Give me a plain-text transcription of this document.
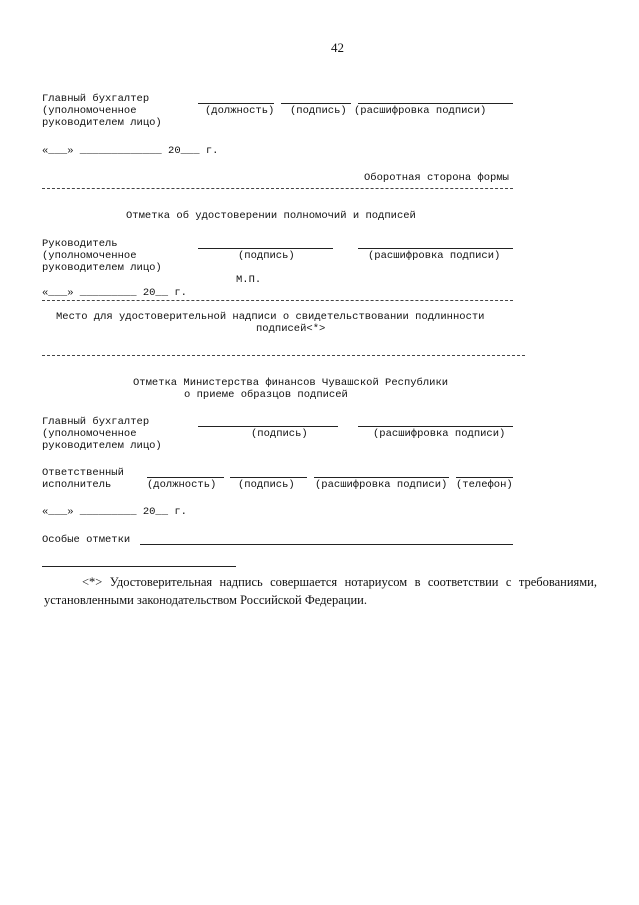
42
Главный бухгалтер
(уполномоченное
руководителем лицо)
(должность) (подпись) (расшифровка подписи)
«___» _____________ 20___ г.
Оборотная сторона формы
Отметка об удостоверении полномочий и подписей
Руководитель
(уполномоченное
руководителем лицо)
(подпись)	(расшифровка подписи)
М.П.
«___» _________ 20__ г.
Место для удостоверительной надписи о свидетельствовании подлинности
подписей<*>
Отметка Министерства финансов Чувашской Республики
о приеме образцов подписей
Главный бухгалтер
(уполномоченное
руководителем лицо)
(подпись)	(расшифровка подписи)
Ответственный
исполнитель	(должность) (подпись) (расшифровка подписи) (телефон)
«___» _________ 20__ г.
Особые отметки
<*> Удостоверительная надпись совершается нотариусом в соответствии с требованиями, установленными законодательством Российской Федерации.
